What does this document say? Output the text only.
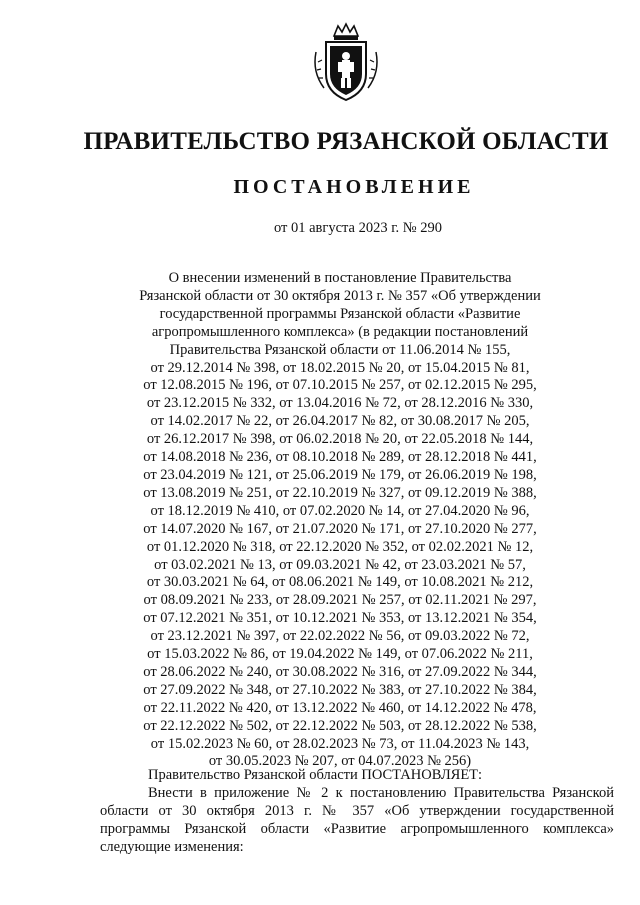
ПРАВИТЕЛЬСТВО РЯЗАНСКОЙ ОБЛАСТИ
ПОСТАНОВЛЕНИЕ
от 01 августа 2023 г. № 290
О внесении изменений в постановление Правительства
Рязанской области от 30 октября 2013 г. № 357 «Об утверждении
государственной программы Рязанской области «Развитие
агропромышленного комплекса» (в редакции постановлений
Правительства Рязанской области от 11.06.2014 № 155,
от 29.12.2014 № 398, от 18.02.2015 № 20, от 15.04.2015 № 81,
от 12.08.2015 № 196, от 07.10.2015 № 257, от 02.12.2015 № 295,
от 23.12.2015 № 332, от 13.04.2016 № 72, от 28.12.2016 № 330,
от 14.02.2017 № 22, от 26.04.2017 № 82, от 30.08.2017 № 205,
от 26.12.2017 № 398, от 06.02.2018 № 20, от 22.05.2018 № 144,
от 14.08.2018 № 236, от 08.10.2018 № 289, от 28.12.2018 № 441,
от 23.04.2019 № 121, от 25.06.2019 № 179, от 26.06.2019 № 198,
от 13.08.2019 № 251, от 22.10.2019 № 327, от 09.12.2019 № 388,
от 18.12.2019 № 410, от 07.02.2020 № 14, от 27.04.2020 № 96,
от 14.07.2020 № 167, от 21.07.2020 № 171, от 27.10.2020 № 277,
от 01.12.2020 № 318, от 22.12.2020 № 352, от 02.02.2021 № 12,
от 03.02.2021 № 13, от 09.03.2021 № 42, от 23.03.2021 № 57,
от 30.03.2021 № 64, от 08.06.2021 № 149, от 10.08.2021 № 212,
от 08.09.2021 № 233, от 28.09.2021 № 257, от 02.11.2021 № 297,
от 07.12.2021 № 351, от 10.12.2021 № 353, от 13.12.2021 № 354,
от 23.12.2021 № 397, от 22.02.2022 № 56, от 09.03.2022 № 72,
от 15.03.2022 № 86, от 19.04.2022 № 149, от 07.06.2022 № 211,
от 28.06.2022 № 240, от 30.08.2022 № 316, от 27.09.2022 № 344,
от 27.09.2022 № 348, от 27.10.2022 № 383, от 27.10.2022 № 384,
от 22.11.2022 № 420, от 13.12.2022 № 460, от 14.12.2022 № 478,
от 22.12.2022 № 502, от 22.12.2022 № 503, от 28.12.2022 № 538,
от 15.02.2023 № 60, от 28.02.2023 № 73, от 11.04.2023 № 143,
от 30.05.2023 № 207, от 04.07.2023 № 256)
Правительство Рязанской области ПОСТАНОВЛЯЕТ:
Внести в приложение № 2 к постановлению Правительства Рязанской
области от 30 октября 2013 г. № 357 «Об утверждении государственной
программы Рязанской области «Развитие агропромышленного комплекса»
следующие изменения:
